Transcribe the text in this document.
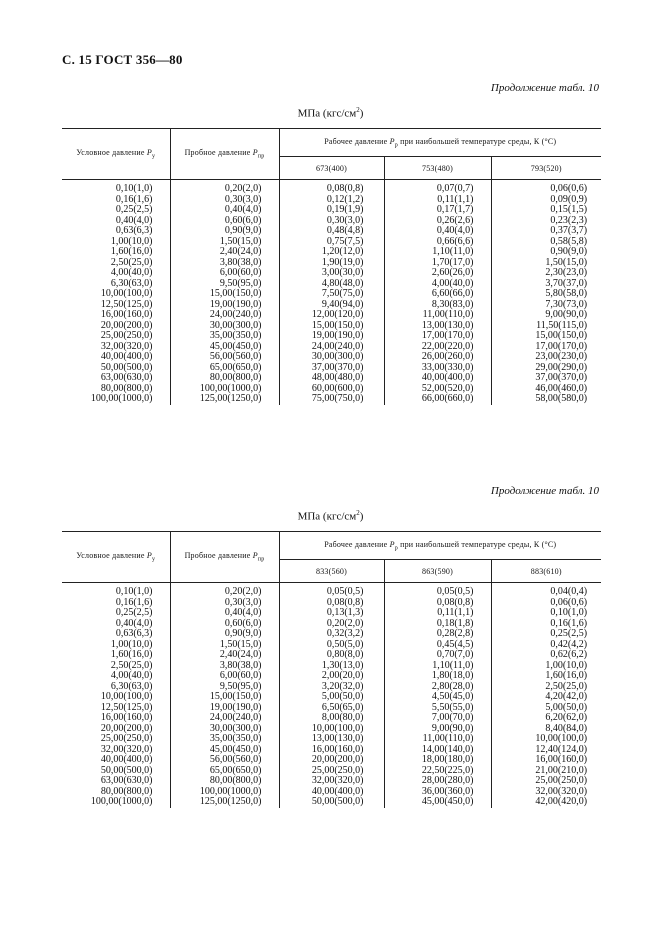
С. 15 ГОСТ 356—80
Продолжение табл. 10
МПа $(кгс/см^2)$
Условное давление $P_у$	Пробное давление $P_{пр}$	Рабочее давление $P_р$ при наибольшей температуре среды, К (°С)		
		673(400)	753(480)	793(520)
0,10(1,0)	0,20(2,0)	0,08(0,8)	0,07(0,7)	0,06(0,6)
0,16(1,6)	0,30(3,0)	0,12(1,2)	0,11(1,1)	0,09(0,9)
0,25(2,5)	0,40(4,0)	0,19(1,9)	0,17(1,7)	0,15(1,5)
0,40(4,0)	0,60(6,0)	0,30(3,0)	0,26(2,6)	0,23(2,3)
0,63(6,3)	0,90(9,0)	0,48(4,8)	0,40(4,0)	0,37(3,7)
1,00(10,0)	1,50(15,0)	0,75(7,5)	0,66(6,6)	0,58(5,8)
1,60(16,0)	2,40(24,0)	1,20(12,0)	1,10(11,0)	0,90(9,0)
2,50(25,0)	3,80(38,0)	1,90(19,0)	1,70(17,0)	1,50(15,0)
4,00(40,0)	6,00(60,0)	3,00(30,0)	2,60(26,0)	2,30(23,0)
6,30(63,0)	9,50(95,0)	4,80(48,0)	4,00(40,0)	3,70(37,0)
10,00(100,0)	15,00(150,0)	7,50(75,0)	6,60(66,0)	5,80(58,0)
12,50(125,0)	19,00(190,0)	9,40(94,0)	8,30(83,0)	7,30(73,0)
16,00(160,0)	24,00(240,0)	12,00(120,0)	11,00(110,0)	9,00(90,0)
20,00(200,0)	30,00(300,0)	15,00(150,0)	13,00(130,0)	11,50(115,0)
25,00(250,0)	35,00(350,0)	19,00(190,0)	17,00(170,0)	15,00(150,0)
32,00(320,0)	45,00(450,0)	24,00(240,0)	22,00(220,0)	17,00(170,0)
40,00(400,0)	56,00(560,0)	30,00(300,0)	26,00(260,0)	23,00(230,0)
50,00(500,0)	65,00(650,0)	37,00(370,0)	33,00(330,0)	29,00(290,0)
63,00(630,0)	80,00(800,0)	48,00(480,0)	40,00(400,0)	37,00(370,0)
80,00(800,0)	100,00(1000,0)	60,00(600,0)	52,00(520,0)	46,00(460,0)
100,00(1000,0)	125,00(1250,0)	75,00(750,0)	66,00(660,0)	58,00(580,0)
Продолжение табл. 10
МПа $(кгс/см^2)$
Условное давление $P_у$	Пробное давление $P_{пр}$	Рабочее давление $P_р$ при наибольшей температуре среды, К (°С)		
		833(560)	863(590)	883(610)
0,10(1,0)	0,20(2,0)	0,05(0,5)	0,05(0,5)	0,04(0,4)
0,16(1,6)	0,30(3,0)	0,08(0,8)	0,08(0,8)	0,06(0,6)
0,25(2,5)	0,40(4,0)	0,13(1,3)	0,11(1,1)	0,10(1,0)
0,40(4,0)	0,60(6,0)	0,20(2,0)	0,18(1,8)	0,16(1,6)
0,63(6,3)	0,90(9,0)	0,32(3,2)	0,28(2,8)	0,25(2,5)
1,00(10,0)	1,50(15,0)	0,50(5,0)	0,45(4,5)	0,42(4,2)
1,60(16,0)	2,40(24,0)	0,80(8,0)	0,70(7,0)	0,62(6,2)
2,50(25,0)	3,80(38,0)	1,30(13,0)	1,10(11,0)	1,00(10,0)
4,00(40,0)	6,00(60,0)	2,00(20,0)	1,80(18,0)	1,60(16,0)
6,30(63,0)	9,50(95,0)	3,20(32,0)	2,80(28,0)	2,50(25,0)
10,00(100,0)	15,00(150,0)	5,00(50,0)	4,50(45,0)	4,20(42,0)
12,50(125,0)	19,00(190,0)	6,50(65,0)	5,50(55,0)	5,00(50,0)
16,00(160,0)	24,00(240,0)	8,00(80,0)	7,00(70,0)	6,20(62,0)
20,00(200,0)	30,00(300,0)	10,00(100,0)	9,00(90,0)	8,40(84,0)
25,00(250,0)	35,00(350,0)	13,00(130,0)	11,00(110,0)	10,00(100,0)
32,00(320,0)	45,00(450,0)	16,00(160,0)	14,00(140,0)	12,40(124,0)
40,00(400,0)	56,00(560,0)	20,00(200,0)	18,00(180,0)	16,00(160,0)
50,00(500,0)	65,00(650,0)	25,00(250,0)	22,50(225,0)	21,00(210,0)
63,00(630,0)	80,00(800,0)	32,00(320,0)	28,00(280,0)	25,00(250,0)
80,00(800,0)	100,00(1000,0)	40,00(400,0)	36,00(360,0)	32,00(320,0)
100,00(1000,0)	125,00(1250,0)	50,00(500,0)	45,00(450,0)	42,00(420,0)
